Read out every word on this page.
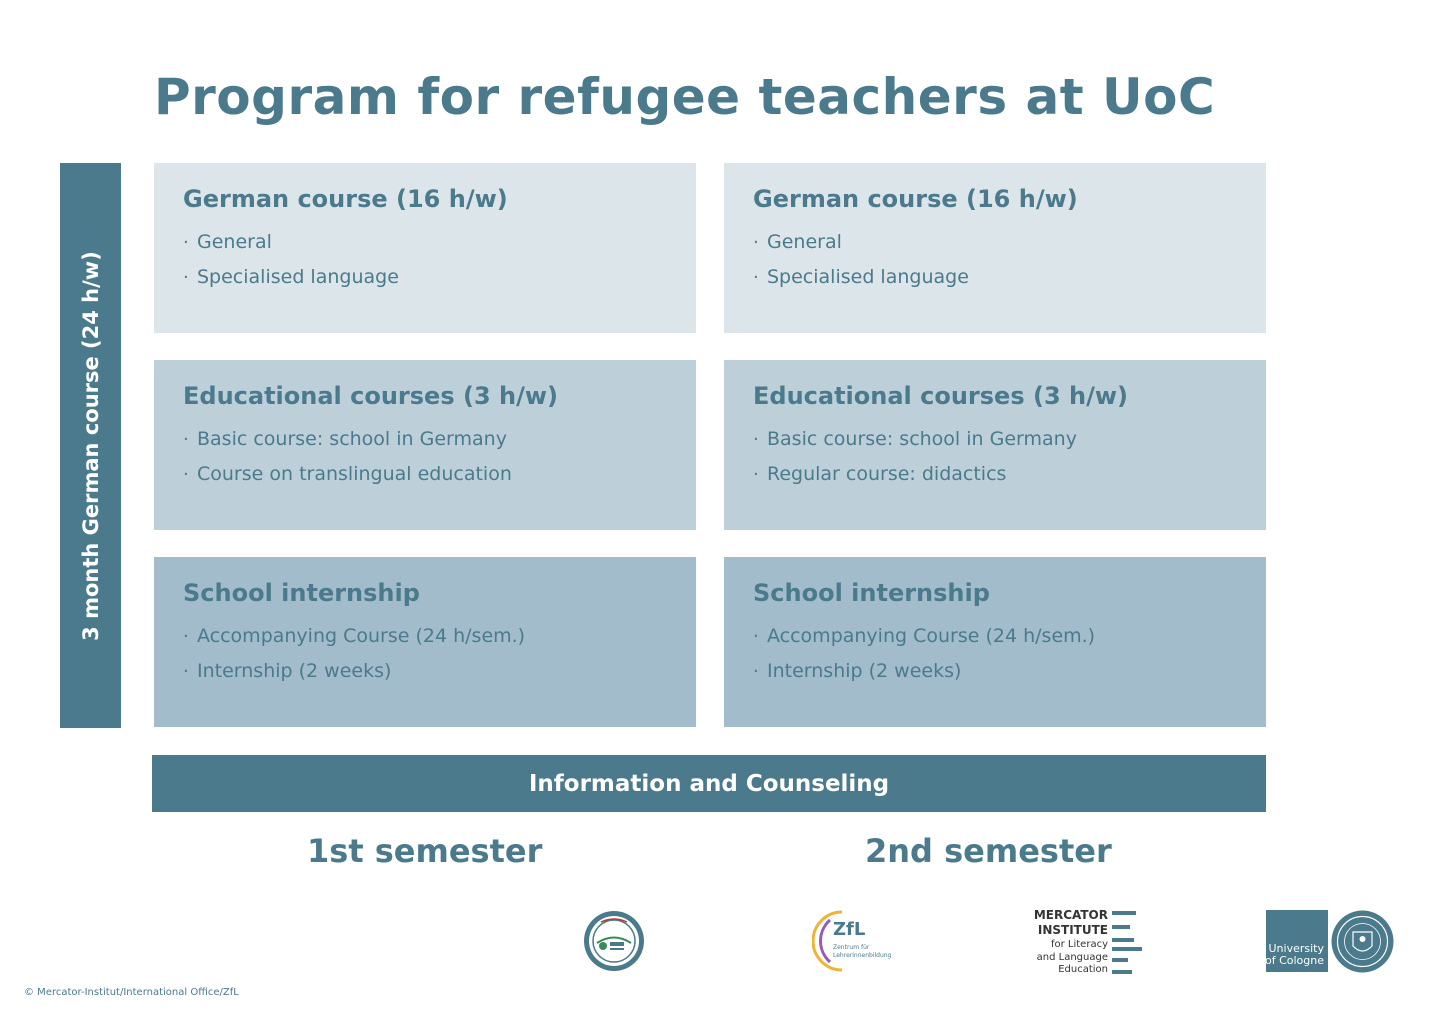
Program for refugee teachers at UoC
3 month German course (24 h/w)
German course (16 h/w)
· General
· Specialised language
Educational courses (3 h/w)
· Basic course: school in Germany
· Course on translingual education
School internship
· Accompanying Course (24 h/sem.)
· Internship (2 weeks)
German course (16 h/w)
· General
· Specialised language
Educational courses (3 h/w)
· Basic course: school in Germany
· Regular course: didactics
School internship
· Accompanying Course (24 h/sem.)
· Internship (2 weeks)
Information and Counseling
1st semester	2nd semester
ZfL
Zentrum für
Lehrerinnenbildung
MERCATOR
INSTITUTE
for Literacy
and Language
Education
University
of Cologne
© Mercator-Institut/International Office/ZfL
